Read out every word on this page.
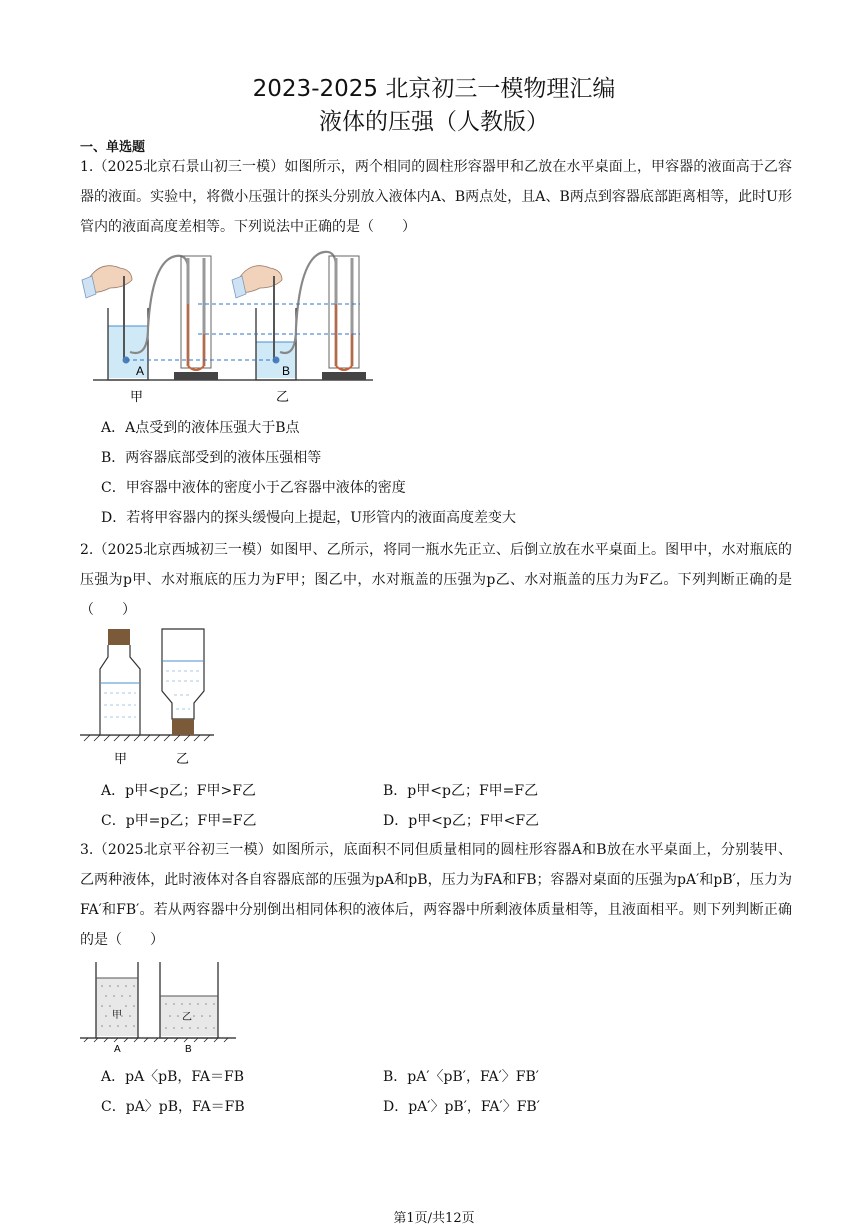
2023-2025 北京初三一模物理汇编
液体的压强（人教版）
一、单选题
1.（2025北京石景山初三一模）如图所示，两个相同的圆柱形容器甲和乙放在水平桌面上，甲容器的液面高于乙容器的液面。实验中，将微小压强计的探头分别放入液体内A、B两点处，且A、B两点到容器底部距离相等，此时U形管内的液面高度差相等。下列说法中正确的是（　　）
A	B
甲	乙
A．A点受到的液体压强大于B点
B．两容器底部受到的液体压强相等
C．甲容器中液体的密度小于乙容器中液体的密度
D．若将甲容器内的探头缓慢向上提起，U形管内的液面高度差变大
2.（2025北京西城初三一模）如图甲、乙所示，将同一瓶水先正立、后倒立放在水平桌面上。图甲中，水对瓶底的压强为p甲、水对瓶底的压力为F甲；图乙中，水对瓶盖的压强为p乙、水对瓶盖的压力为F乙。下列判断正确的是（　　）
甲	乙
A．p甲<p乙；F甲>F乙	B．p甲<p乙；F甲=F乙
C．p甲=p乙；F甲=F乙	D．p甲<p乙；F甲<F乙
3.（2025北京平谷初三一模）如图所示，底面积不同但质量相同的圆柱形容器A和B放在水平桌面上，分别装甲、乙两种液体，此时液体对各自容器底部的压强为pA和pB，压力为FA和FB；容器对桌面的压强为pA′和pB′，压力为FA′和FB′。若从两容器中分别倒出相同体积的液体后，两容器中所剩液体质量相等，且液面相平。则下列判断正确的是（　　）
甲	乙
A	B
A．pA〈pB，FA＝FB	B．pA′〈pB′，FA′〉FB′
C．pA〉pB，FA＝FB	D．pA′〉pB′，FA′〉FB′
第1页/共12页
